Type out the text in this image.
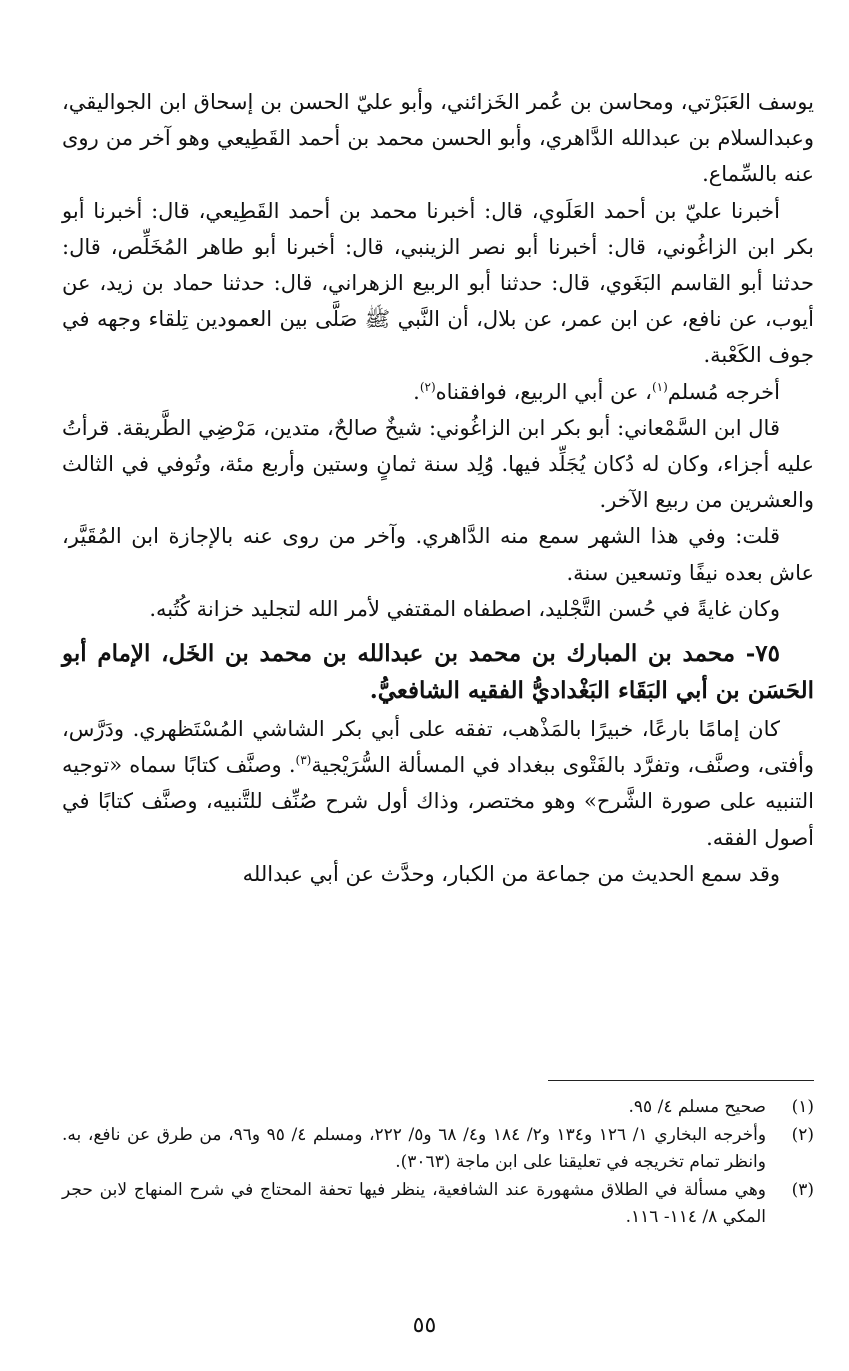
يوسف العَبَرْتي، ومحاسن بن عُمر الخَزائني، وأبو عليّ الحسن بن إسحاق ابن الجواليقي، وعبدالسلام بن عبدالله الدَّاهري، وأبو الحسن محمد بن أحمد القَطِيعي وهو آخر من روى عنه بالسِّماع.

أخبرنا عليّ بن أحمد العَلَوي، قال: أخبرنا محمد بن أحمد القَطِيعي، قال: أخبرنا أبو بكر ابن الزاغُوني، قال: أخبرنا أبو نصر الزينبي، قال: أخبرنا أبو طاهر المُخَلِّص، قال: حدثنا أبو القاسم البَغَوي، قال: حدثنا أبو الربيع الزهراني، قال: حدثنا حماد بن زيد، عن أيوب، عن نافع، عن ابن عمر، عن بلال، أن النَّبي ﷺ صَلَّى بين العمودين تِلقاء وجهه في جوف الكَعْبة.

أخرجه مُسلم$^{(١)}$، عن أبي الربيع، فوافقناه$^{(٢)}$.

قال ابن السَّمْعاني: أبو بكر ابن الزاغُوني: شيخٌ صالحٌ، متدين، مَرْضِي الطَّريقة. قرأتُ عليه أجزاء، وكان له دُكان يُجَلِّد فيها. وُلِد سنة ثمانٍ وستين وأربع مئة، وتُوفي في الثالث والعشرين من ربيع الآخر.

قلت: وفي هذا الشهر سمع منه الدَّاهري. وآخر من روى عنه بالإجازة ابن المُقَيَّر، عاش بعده نيفًا وتسعين سنة.

وكان غايةً في حُسن التَّجْليد، اصطفاه المقتفي لأمر الله لتجليد خزانة كُتُبه.

٧٥- محمد بن المبارك بن محمد بن عبدالله بن محمد بن الخَل، الإمام أبو الحَسَن بن أبي البَقَاء البَغْداديُّ الفقيه الشافعيُّ.

كان إمامًا بارعًا، خبيرًا بالمَذْهب، تفقه على أبي بكر الشاشي المُسْتَظهري. ودَرَّس، وأفتى، وصنَّف، وتفرَّد بالفَتْوى ببغداد في المسألة السُّرَيْجية$^{(٣)}$. وصنَّف كتابًا سماه «توجيه التنبيه على صورة الشَّرح» وهو مختصر، وذاك أول شرح صُنِّف للتَّنبيه، وصنَّف كتابًا في أصول الفقه.

وقد سمع الحديث من جماعة من الكبار، وحدَّث عن أبي عبدالله

(١)
صحيح مسلم ٤/ ٩٥.
(٢)
وأخرجه البخاري ١/ ١٢٦ و١٣٤ و٢/ ١٨٤ و٤/ ٦٨ و٥/ ٢٢٢، ومسلم ٤/ ٩٥ و٩٦، من طرق عن نافع، به. وانظر تمام تخريجه في تعليقنا على ابن ماجة (٣٠٦٣).
(٣)
وهي مسألة في الطلاق مشهورة عند الشافعية، ينظر فيها تحفة المحتاج في شرح المنهاج لابن حجر المكي ٨/ ١١٤- ١١٦.
٥٥
